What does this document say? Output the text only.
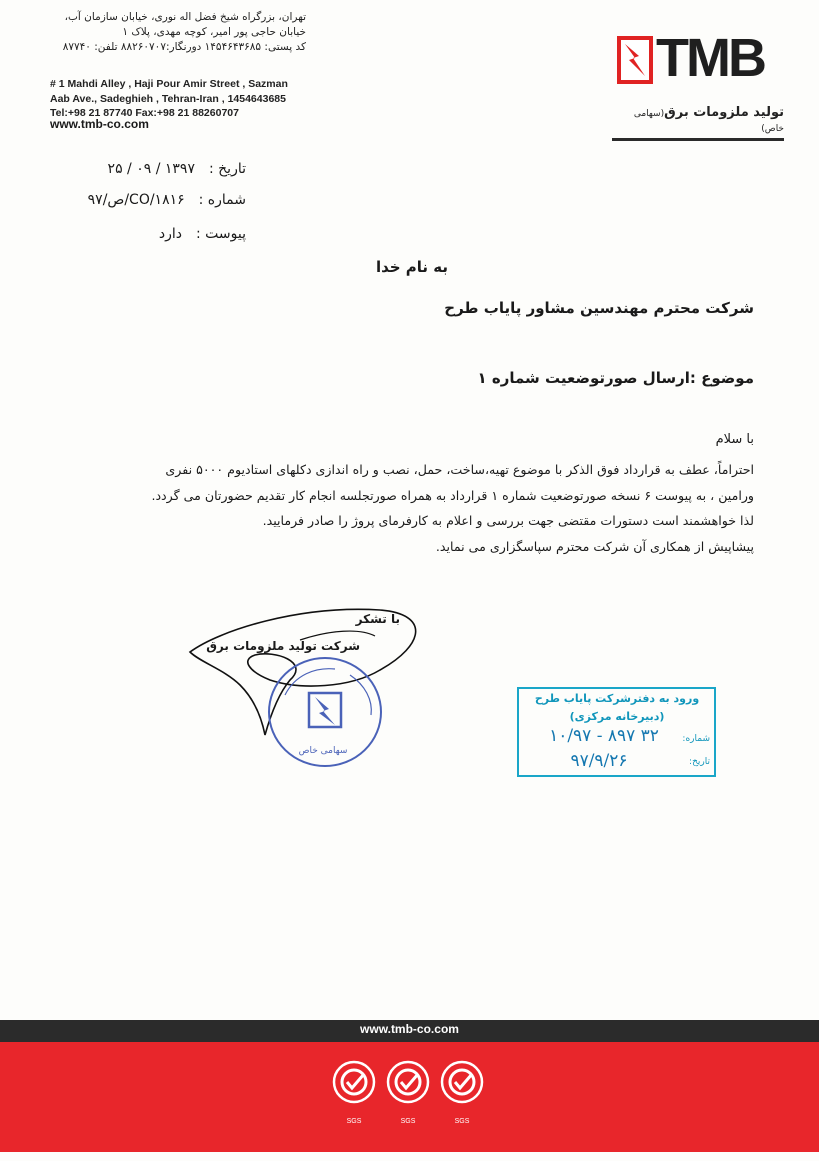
تهران، بزرگراه شیخ فضل اله نوری، خیابان سازمان آب،
خیابان حاجی پور امیر، کوچه مهدی، پلاک ۱
کد پستی: ۱۴۵۴۶۴۳۶۸۵ دورنگار:۸۸۲۶۰۷۰۷ تلفن: ۸۷۷۴۰
# 1 Mahdi Alley , Haji Pour Amir Street , Sazman
Aab Ave., Sadeghieh , Tehran-Iran , 1454643685
Tel:+98 21 87740 Fax:+98 21 88260707
www.tmb-co.com
TMB
تولید ملزومات برق(سهامی خاص)
تاریخ :۱۳۹۷ / ۰۹ / ۲۵
شماره :CO/۱۸۱۶/ص/۹۷
پیوست :دارد
به نام خدا
شرکت محترم مهندسین مشاور پایاب طرح
موضوع :ارسال صورتوضعیت شماره ۱
با سلام
احتراماً، عطف به قرارداد فوق الذکر با موضوع تهیه،ساخت، حمل، نصب و راه اندازی دکلهای استادیوم ۵۰۰۰ نفری
ورامین ، به پیوست ۶ نسخه صورتوضعیت شماره ۱ قرارداد به همراه صورتجلسه انجام کار تقدیم حضورتان می گردد.
لذا خواهشمند است دستورات مقتضی جهت بررسی و اعلام به کارفرمای پروژ را صادر فرمایید.
پیشاپیش از همکاری آن شرکت محترم سپاسگزاری می نماید.
با تشکر
شرکت تولید ملزومات برق
سهامی خاص
ورود به دفترشرکت پایاب طرح
(دبیرخانه مرکزی)
شماره:
۱۰/۹۷ - ۸۹۷ ۳۲
تاریخ:
۹۷/۹/۲۶
www.tmb-co.com
SGS	SGS	SGS
